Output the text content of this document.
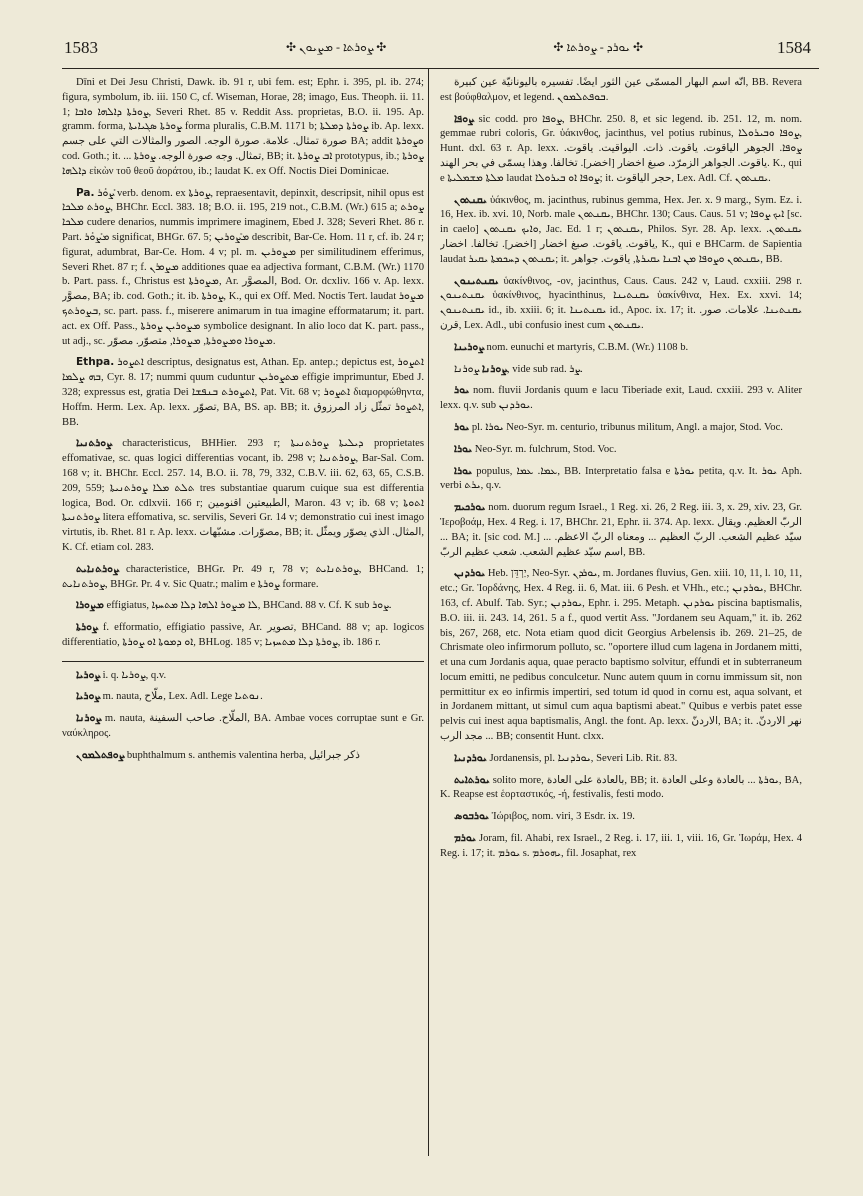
1583	✣ ܨܘܪܬܐ - ܡܨܝܘܢ ✣	✣ ܝܘܪܕ - ܨܘܪܬܐ ✣	1584

Dīni et Dei Jesu Christi, Dawk. ib. 91 r, ubi fem. est; Ephr. i. 395, pl. ib. 274; figura, symbolum, ib. iii. 150 C, cf. Wiseman, Horae, 28; imago, Eus. Theoph. ii. 11. 1; ܨܘܪܬܐ ܕܐܠܗܐ ܘܐܒܐ, Severi Rhet. 85 v. Reddit Ass. proprietas, B.O. ii. 195. Ap. gramm. forma, ܨܘܪܬܐ ܣܓܝܐܝܬܐ forma pluralis, C.B.M. 1171 b; ܨܘܪܬܐ ܕܡܠܬܐ ib. Ap. lexx. صورة تمثال. علامة. صورة الوجه. الصور والمثالات التي على جسم BA; addit ܘܨܘܪܬܐ cod. Goth.; it. ... تمثال. وجه صورة الوجه. ܨܘܪܬܐ, BB; it. ܐܒ ܨܘܪܬܐ prototypus, ib.; ܨܘܪܬܐ ܕܐܠܗܐ εἰκὼν τοῦ θεοῦ ἀοράτου, ib.; laudat K. ex Off. Noctis Diei Dominicae.

Pa. ܨܰܘܰܪ verb. denom. ex ܨܘܪܬܐ, repraesentavit, depinxit, descripsit, nihil opus est ܨܘܪܬ ܡܠܟܐ, BHChr. Eccl. 383. 18; B.O. ii. 195, 219 not., C.B.M. (Wr.) 615 a; ܨܘܪܬ ܡܠܟܐ cudere denarios, nummis imprimere imaginem, Ebed J. 328; Severi Rhet. 86 r. Part. ܡܨܰܘܰܪ significat, BHGr. 67. 5; ܡܨܰܘܪܝܢ describit, Bar-Ce. Hom. 11 r, cf. ib. 24 r; figurat, adumbrat, Bar-Ce. Hom. 4 v; pl. m. ܡܨܘܪܝܢ per similitudinem efferimus, Severi Rhet. 87 r; f. ܡܨܘܪܢ additiones quae ea adjectiva formant, C.B.M. (Wr.) 1170 b. Part. pass. f., Christus est ܡܨܘܪܬܐ, Ar. المصوَّر, Bod. Or. dcxliv. 166 v. Ap. lexx. مصوَّر, BA; ib. cod. Goth.; it. ib. ܨܘܪܬܐ, K., qui ex Off. Med. Noctis Tert. laudat ܡܨܘܪ ܒܨܘܪܬܟ, sc. part. pass. f., miserere animarum in tua imagine efformatarum; it. part. act. ex Off. Pass., ܡܨܘܪܝܢ ܨܘܪܬܐ symbolice designant. In alio loco dat K. part. pass., ut adj., sc. ܡܨܘܪܐ ܘܡܨܘܪܬܐ, ܡܨܘܪܐ, متصوّر. مصوّر.

Ethpa. ܐܬܨܘܪ descriptus, designatus est, Athan. Ep. antep.; depictus est, ܐܬܨܘܪ ܒܗ ܨܠܡܐ, Cyr. 8. 17; nummi quum cuduntur ܡܬܨܘܪܝܢ effigie imprimuntur, Ebed J. 328; expressus est, gratia Dei ܐܬܨܘܪܬ ܒܢܦܫܐ, Pat. Vit. 68 v; ܐܬܨܘܪ διαμορφώθηντα, Hoffm. Herm. Lex. Ap. lexx. تصوّر, BA, BS. ap. BB; it. ܐܬܨܘܪ تمثّل زاد المرزوق, BB.

ܨܘܪܬܢܝܐ characteristicus, BHHier. 293 r; ܕܝܠܝܬܐ ܨܘܪܬܢܝܬܐ proprietates effomativae, sc. quas logici differentias vocant, ib. 298 v; ܨܘܪܬܢܝܐ, Bar-Sal. Com. 168 v; it. BHChr. Eccl. 257. 14, B.O. ii. 78, 79, 332, C.B.V. iii. 62, 63, 65, C.S.B. 209, 559; ܬܠܬ ܡܠܐ ܨܘܪܬܢܝܬܐ tres substantiae quarum cuique sua est differentia logica, Bod. Or. cdlxvii. 166 r; الطبيعتين اقنومين, Maron. 43 v; ib. 68 v; ܐܬܘܬܐ ܨܘܪܬܢܝܬܐ litera effomativa, sc. servilis, Severi Gr. 14 v; demonstratio cui inest imago virtutis, ib. Rhet. 81 r. Ap. lexx. مصوّرات. مشبّهات, BB; it. المثال. الذي يصوّر ويمثّل, K. Cf. etiam col. 283.

ܨܘܪܬܢܐܝܬ characteristice, BHGr. Pr. 49 r, 78 v; ܨܘܪܬܢܐܝܬ, BHCand. 1; ܨܘܪܬܢܐܝܬ, BHGr. Pr. 4 v. Sic Quatr.; malim e ܨܘܪܬܐ formare.

ܡܨܘܪܐ effigiatus, ܠܐ ܡܨܘܪ ܐܠܗܐ ܕܠܐ ܡܬܚܙܐ, BHCand. 88 v. Cf. K sub ܨܘܪ.

ܨܘܪܬܐ f. efformatio, effigiatio passive, Ar. تصوير, BHCand. 88 v; ap. logicos differentiatio, ܐܘ ܕܡܘܬܐ ܐܘ ܨܘܪܬܐ, BHLog. 185 v; ܨܘܪܬܐ ܕܠܐ ܡܬܚܙܝܐ, ib. 186 r.

ܨܘܪܝܐ i. q. ܨܘܪܝܐ, q.v.

ܨܘܪܝܐ m. nauta, ملّاح, Lex. Adl. Lege ܢܘܬܝܐ.

ܨܘܪܢܐ m. nauta, الملّاح. صاحب السفينة, BA. Ambae voces corruptae sunt e Gr. ναύκληρος.

ܨܘܦܬܠܡܘܢ buphthalmum s. anthemis valentina herba, ذكر جبرائيل

انّه اسم البهار المسمّى عين الثور ايضًا. تفسيره باليونانيّة عين كبيرة, BB. Revera est βούφθαλμον, et legend. ܒܘܦܬܠܡܘܢ.

ܨܘܦܐ sic codd. pro ܨܘܦܐ, BHChr. 250. 8, et sic legend. ib. 251. 12, m. nom. gemmae rubri coloris, Gr. ὑάκινθος, jacinthus, vel potius rubinus, ܨܘܦܐ ܘܒܝܪܘܠܐ, Hunt. dxl. 63 r. Ap. lexx. ܨܘܦܐ. الجوهر الياقوت. ياقوت. ذات. اليواقيت. ياقوت. ياقوت. الجواهر الزمرّد. صبغ اخضار [اخضر]. تخالفا. وهذا يسمّى في بحر الهند. K., qui e ܡܠܬܐ ܡܫܡܠܝܬܐ laudat ܨܘܦܐ ܐܘ ܒܝܪܘܠܐ; it. حجر الياقوت, Lex. Adl. Cf. ܝܩܢܬܘܢ.

ܝܩܢܬܘܢ ὑάκινθος, m. jacinthus, rubinus gemma, Hex. Jer. x. 9 marg., Sym. Ez. i. 16, Hex. ib. xvi. 10, Norb. male ܝܩܢܬܘܢ, BHChr. 130; Caus. Caus. 51 v; ܐܝܟ ܨܘܦܐ [sc. in caelo] ܘܐܝܟ ܝܩܢܬܘܢ, Jac. Ed. 1 r; ܝܩܢܬܘܢ, Philos. Syr. 28. Ap. lexx. ܝܩܢܬܘܢ. ياقوت. ياقوت. صبغ اخضار [اخضر]. تخالفا. اخضار, K., qui e BHCarm. de Sapientia laudat ܝܩܢܬܘܢ ܕܚܟܡܬܐ ܝܩܝܪ; it. ܝܩܢܬܘܢ ܘܨܘܦܐ ܡܢ ܐܒܢܐ ܝܩܝܪܬܐ, ياقوت. جواهر, BB.

ܝܩܢܬܝܢܘܢ ὑακίνθινος, -ον, jacinthus, Caus. Caus. 242 v, Laud. cxxiii. 298 r. ܝܩܢܬܝܢܘܢ ὑακίνθινος, hyacinthinus, ܝܩܢܬܝܢܐ ὑακίνθινα, Hex. Ex. xxvi. 14; ܝܩܢܬܝܢܘܢ id., ib. xxiii. 6; it. ܝܩܢܬܝܢܐ id., Apoc. ix. 17; it. ܝܩܢܬܝܢܐ. علامات. صور. قرن, Lex. Adl., ubi confusio inest cum ܝܩܢܬܘܢ.

ܨܘܪܝܢܐ nom. eunuchi et martyris, C.B.M. (Wr.) 1108 b.

ܨܘܪܢܐ ܨܘܪܢܐ, vide sub rad. ܨܪ.

ܝܘܪ nom. fluvii Jordanis quum e lacu Tiberiade exit, Laud. cxxiii. 293 v. Aliter lexx. q.v. sub ܝܘܪܕܢܢ.

ܝܘܪ pl. ܝܘܪܐ Neo-Syr. m. centurio, tribunus militum, Angl. a major, Stod. Voc.

ܝܘܪܐ Neo-Syr. m. fulchrum, Stod. Voc.

ܝܘܪܐ populus, ܥܡܐ. ܥܡܐ, BB. Interpretatio falsa e ܝܘܪܬܐ petita, q.v. It. ܝܘܪ Aph. verbi ܝܪܬ, q.v.

ܝܘܪܟܝܡ nom. duorum regum Israel., 1 Reg. xi. 26, 2 Reg. iii. 3, x. 29, xiv. 23, Gr. Ἱεροβοάμ, Hex. 4 Reg. i. 17, BHChr. 21, Ephr. ii. 374. Ap. lexx. الربّ العظيم. ويقال ... BA; it. [sic cod. M.] ... سيّد عظيم الشعب. الربّ العظيم ... ومعناه الربّ الاعظم. اسم سيّد عظيم الشعب. شعب عظيم الربّ, BB.

ܝܘܪܕܢܢ Heb. יַרְדֵּן, Neo-Syr. ܝܘܪܕܢ, m. Jordanes fluvius, Gen. xiii. 10, 11, l. 10, 11, etc.; Gr. Ἰορδάνης, Hex. 4 Reg. ii. 6, Mat. iii. 6 Pesh. et VHh., etc.; ܝܘܪܕܢܢ, BHChr. 163, cf. Abulf. Tab. Syr.; ܝܘܪܕܢܢ, Ephr. i. 295. Metaph. ܝܘܪܕܢܢ piscina baptismalis, B.O. iii. ii. 243. 14, 261. 5 a f., quod vertit Ass. "Jordanem seu Aquam," it. ib. 262 bis, 267, 268, etc. Nota etiam quod dicit Georgius Arbelensis ib. 269. 21–25, de Chrismate oleo infirmorum polluto, sc. "oportere illud cum lagena in Jordanem mitti, et una cum Jordanis aqua, quae peracto baptismo solvitur, effundi et in subterraneum locum emitti, ne pedibus conculcetur. Nunc autem quum in cornu immissum sit, non permittitur ex eo infirmis impertiri, sed totum id quod in cornu est, aqua solvant, et in Jordanem mittant, ut simul cum aqua baptismi abeat." Quibus e verbis patet esse pelvis cui inest aqua baptismalis, Angl. the font. Ap. lexx. الاردنّ, BA; it. نهر الاردنّ. مجد الرب ... BB; consentit Hunt. clxx.

ܝܘܪܕܢܝܐ Jordanensis, pl. ܝܘܪܕܢܝܐ, Severi Lib. Rit. 83.

ܝܘܪܬܐܝܬ solito more, بالعادة على العادة, BB; it. ܝܘܪܬܐ ... بالعادة وعلى العادة, BA, K. Reapse est ἑορταστικός, -ή, festivalis, festi modo.

ܝܘܪܒܘܣ Ἰώριβος, nom. viri, 3 Esdr. ix. 19.

ܝܘܪܡ Joram, fil. Ahabi, rex Israel., 2 Reg. i. 17, iii. 1, viii. 16, Gr. Ἰωράμ, Hex. 4 Reg. i. 17; it. ܝܘܪܡ s. ܝܗܘܪܡ, fil. Josaphat, rex
